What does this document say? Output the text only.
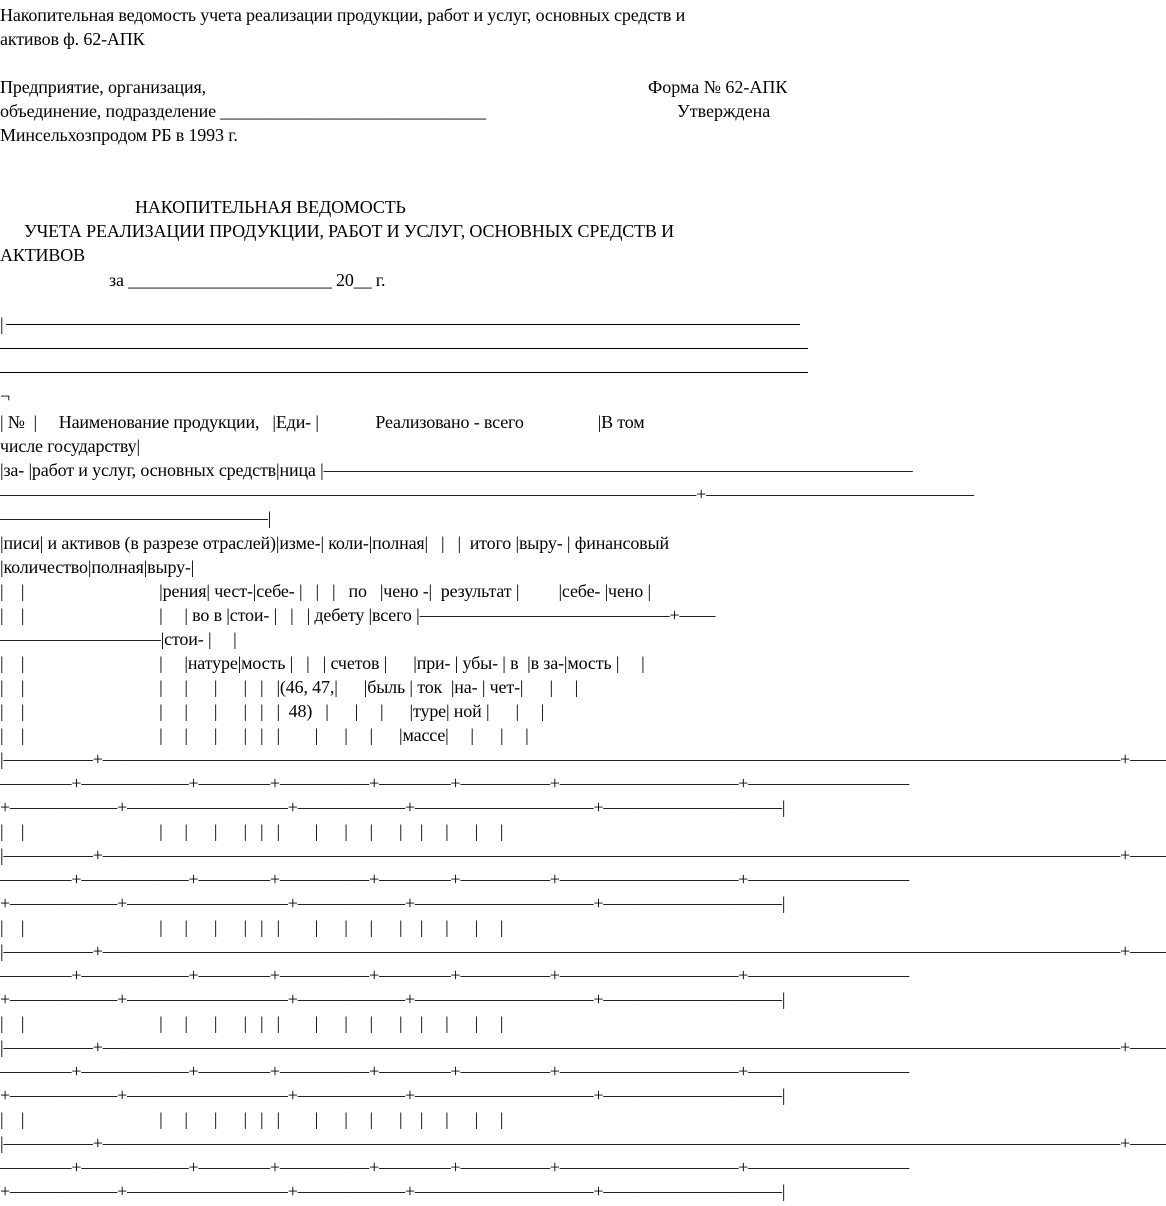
Накопительная ведомость учета реализации продукции, работ и услуг, основных средств и
активов ф. 62-АПК
Предприятие, организация,
объединение, подразделение ______________________________
Минсельхозпродом РБ в 1993 г.
Форма № 62-АПК
Утверждена
НАКОПИТЕЛЬНАЯ ВЕДОМОСТЬ
УЧЕТА РЕАЛИЗАЦИИ ПРОДУКЦИИ, РАБОТ И УСЛУГ, ОСНОВНЫХ СРЕДСТВ И
АКТИВОВ
за _______________________ 20__ г.
|
¬
| №  |     Наименование продукции,   |Еди- |             Реализовано - всего                 |В том
числе государству|
|за- |работ и услуг, основных средств|ница |—————————————————————————————————
———————————————————————————————————————+———————————————
———————————————|
|писи| и активов (в разрезе отраслей)|изме-| коли-|полная|   |   |  итого |выру- | финансовый
|количество|полная|выру-|
|    |                               |рения| чест-|себе- |   |   |   по   |чено -|  результат |         |себе- |чено |
|    |                               |     | во в |стои- |   |   | дебету |всего |——————————————+——
—————————|стои- |     |
|    |                               |     |натуре|мость |   |   | счетов |      |при- | убы- | в  |в за-|мость |     |
|    |                               |     |      |      |   |   |(46, 47,|      |быль | ток  |на- | чет-|      |     |
|    |                               |     |      |      |   |   |  48)   |      |     |      |туре| ной |      |     |
|    |                               |     |      |      |   |   |        |      |     |      |массе|     |      |     |
|—————+—————————————————————————————————————————————————————————+——
————+——————+————+—————+————+—————+——————————+—————————
+——————+—————————+——————+——————————+——————————|
|    |                               |     |      |      |   |   |        |      |     |      |    |     |      |     |
|—————+—————————————————————————————————————————————————————————+——
————+——————+————+—————+————+—————+——————————+—————————
+——————+—————————+——————+——————————+——————————|
|    |                               |     |      |      |   |   |        |      |     |      |    |     |      |     |
|—————+—————————————————————————————————————————————————————————+——
————+——————+————+—————+————+—————+——————————+—————————
+——————+—————————+——————+——————————+——————————|
|    |                               |     |      |      |   |   |        |      |     |      |    |     |      |     |
|—————+—————————————————————————————————————————————————————————+——
————+——————+————+—————+————+—————+——————————+—————————
+——————+—————————+——————+——————————+——————————|
|    |                               |     |      |      |   |   |        |      |     |      |    |     |      |     |
|—————+—————————————————————————————————————————————————————————+——
————+——————+————+—————+————+—————+——————————+—————————
+——————+—————————+——————+——————————+——————————|
